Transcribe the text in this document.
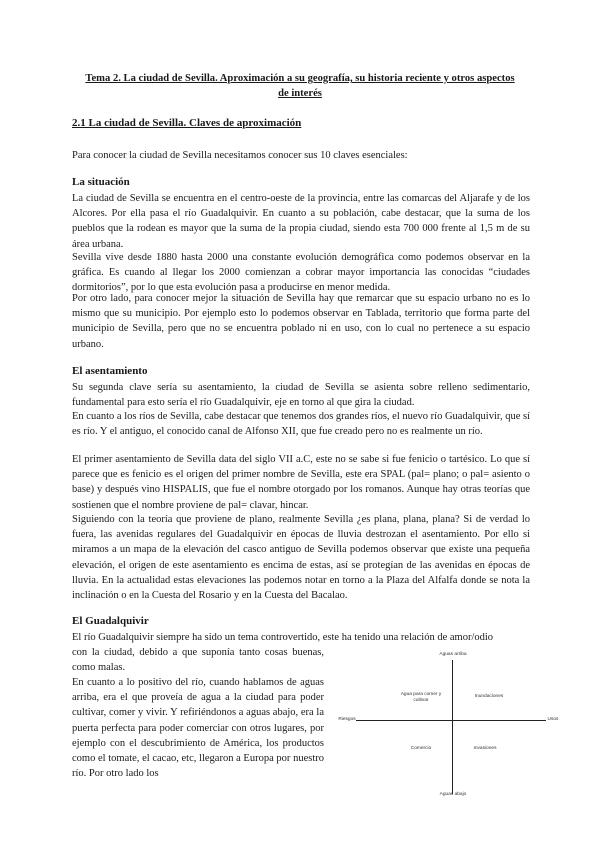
Tema 2. La ciudad de Sevilla. Aproximación a su geografía, su historia reciente y otros aspectos
de interés
2.1 La ciudad de Sevilla. Claves de aproximación

Para conocer la ciudad de Sevilla necesitamos conocer sus 10 claves esenciales:

La situación

La ciudad de Sevilla se encuentra en el centro-oeste de la provincia, entre las comarcas del Aljarafe y de los Alcores. Por ella pasa el río Guadalquivir. En cuanto a su población, cabe destacar, que la suma de los pueblos que la rodean es mayor que la suma de la propia ciudad, siendo esta 700 000 frente al 1,5 m de su área urbana.

Sevilla vive desde 1880 hasta 2000 una constante evolución demográfica como podemos observar en la gráfica. Es cuando al llegar los 2000 comienzan a cobrar mayor importancia las conocidas “ciudades dormitorios”, por lo que esta evolución pasa a producirse en menor medida.

Por otro lado, para conocer mejor la situación de Sevilla hay que remarcar que su espacio urbano no es lo mismo que su municipio. Por ejemplo esto lo podemos observar en Tablada, territorio que forma parte del municipio de Sevilla, pero que no se encuentra poblado ni en uso, con lo cual no pertenece a su espacio urbano.

El asentamiento

Su segunda clave sería su asentamiento, la ciudad de Sevilla se asienta sobre relleno sedimentario, fundamental para esto sería el río Guadalquivir, eje en torno al que gira la ciudad.

En cuanto a los ríos de Sevilla, cabe destacar que tenemos dos grandes ríos, el nuevo río Guadalquivir, que sí es río. Y el antiguo, el conocido canal de Alfonso XII, que fue creado pero no es realmente un río.

El primer asentamiento de Sevilla data del siglo VII a.C, este no se sabe si fue fenicio o tartésico. Lo que sí parece que es fenicio es el origen del primer nombre de Sevilla, este era SPAL (pal= plano; o pal= asiento o base) y después vino HISPALIS, que fue el nombre otorgado por los romanos. Aunque hay otras teorías que sostienen que el nombre proviene de pal= clavar, hincar.

Siguiendo con la teoría que proviene de plano, realmente Sevilla ¿es plana, plana, plana? Si de verdad lo fuera, las avenidas regulares del Guadalquivir en épocas de lluvia destrozan el asentamiento. Por ello si miramos a un mapa de la elevación del casco antiguo de Sevilla podemos observar que existe una pequeña elevación, el origen de este asentamiento es encima de estas, así se protegían de las avenidas en épocas de lluvia. En la actualidad estas elevaciones las podemos notar en torno a la Plaza del Alfalfa donde se nota la inclinación o en la Cuesta del Rosario y en la Cuesta del Bacalao.

El Guadalquivir

El río Guadalquivir siempre ha sido un tema controvertido, este ha tenido una relación de amor/odio

con la ciudad, debido a que suponía tanto cosas buenas, como malas.

En cuanto a lo positivo del río, cuando hablamos de aguas arriba, era el que proveía de agua a la ciudad para poder cultivar, comer y vivir. Y refiriéndonos a aguas abajo, era la puerta perfecta para poder comerciar con otros lugares, por ejemplo con el descubrimiento de América, los productos como el tomate, el cacao, etc, llegaron a Europa por nuestro río. Por otro lado los

Aguas arriba
Aguas abajo
Riesgos	Usos
Agua para comer y cultivar
Inundaciones
Comercio	Invasiones
